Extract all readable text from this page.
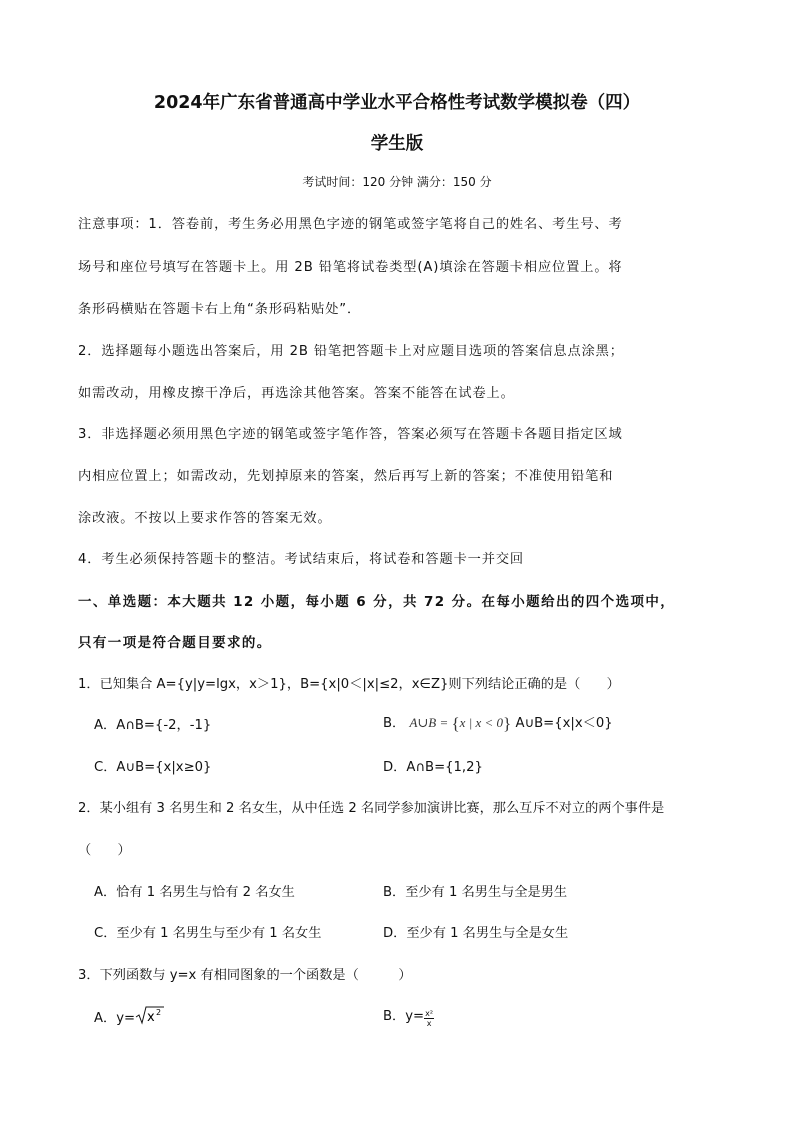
2024年广东省普通高中学业水平合格性考试数学模拟卷（四）
学生版
考试时间：120 分钟 满分：150 分
注意事项：1．答卷前，考生务必用黑色字迹的钢笔或签字笔将自己的姓名、考生号、考
场号和座位号填写在答题卡上。用 2B 铅笔将试卷类型(A)填涂在答题卡相应位置上。将
条形码横贴在答题卡右上角“条形码粘贴处”．
2．选择题每小题选出答案后，用 2B 铅笔把答题卡上对应题目选项的答案信息点涂黑；
如需改动，用橡皮擦干净后，再选涂其他答案。答案不能答在试卷上。
3．非选择题必须用黑色字迹的钢笔或签字笔作答，答案必须写在答题卡各题目指定区域
内相应位置上；如需改动，先划掉原来的答案，然后再写上新的答案；不准使用铅笔和
涂改液。不按以上要求作答的答案无效。
4．考生必须保持答题卡的整洁。考试结束后，将试卷和答题卡一并交回
一、单选题：本大题共 12 小题，每小题 6 分，共 72 分。在每小题给出的四个选项中，
只有一项是符合题目要求的。
1．已知集合 A={y|y=lgx，x＞1}，B={x|0＜|x|≤2，x∈Z}则下列结论正确的是（　　）
A．A∩B={-2，-1}	B． A∪B = {x | x < 0} A∪B={x|x＜0}
C．A∪B={x|x≥0}	D．A∩B={1,2}
2．某小组有 3 名男生和 2 名女生，从中任选 2 名同学参加演讲比赛，那么互斥不对立的两个事件是
（　　）
A．恰有 1 名男生与恰有 2 名女生	B．至少有 1 名男生与全是男生
C．至少有 1 名男生与至少有 1 名女生	D．至少有 1 名男生与全是女生
3．下列函数与 y=x 有相同图象的一个函数是（　　　）
A．y= x 2	B．$y= \frac{\text{x²}}{x}$
